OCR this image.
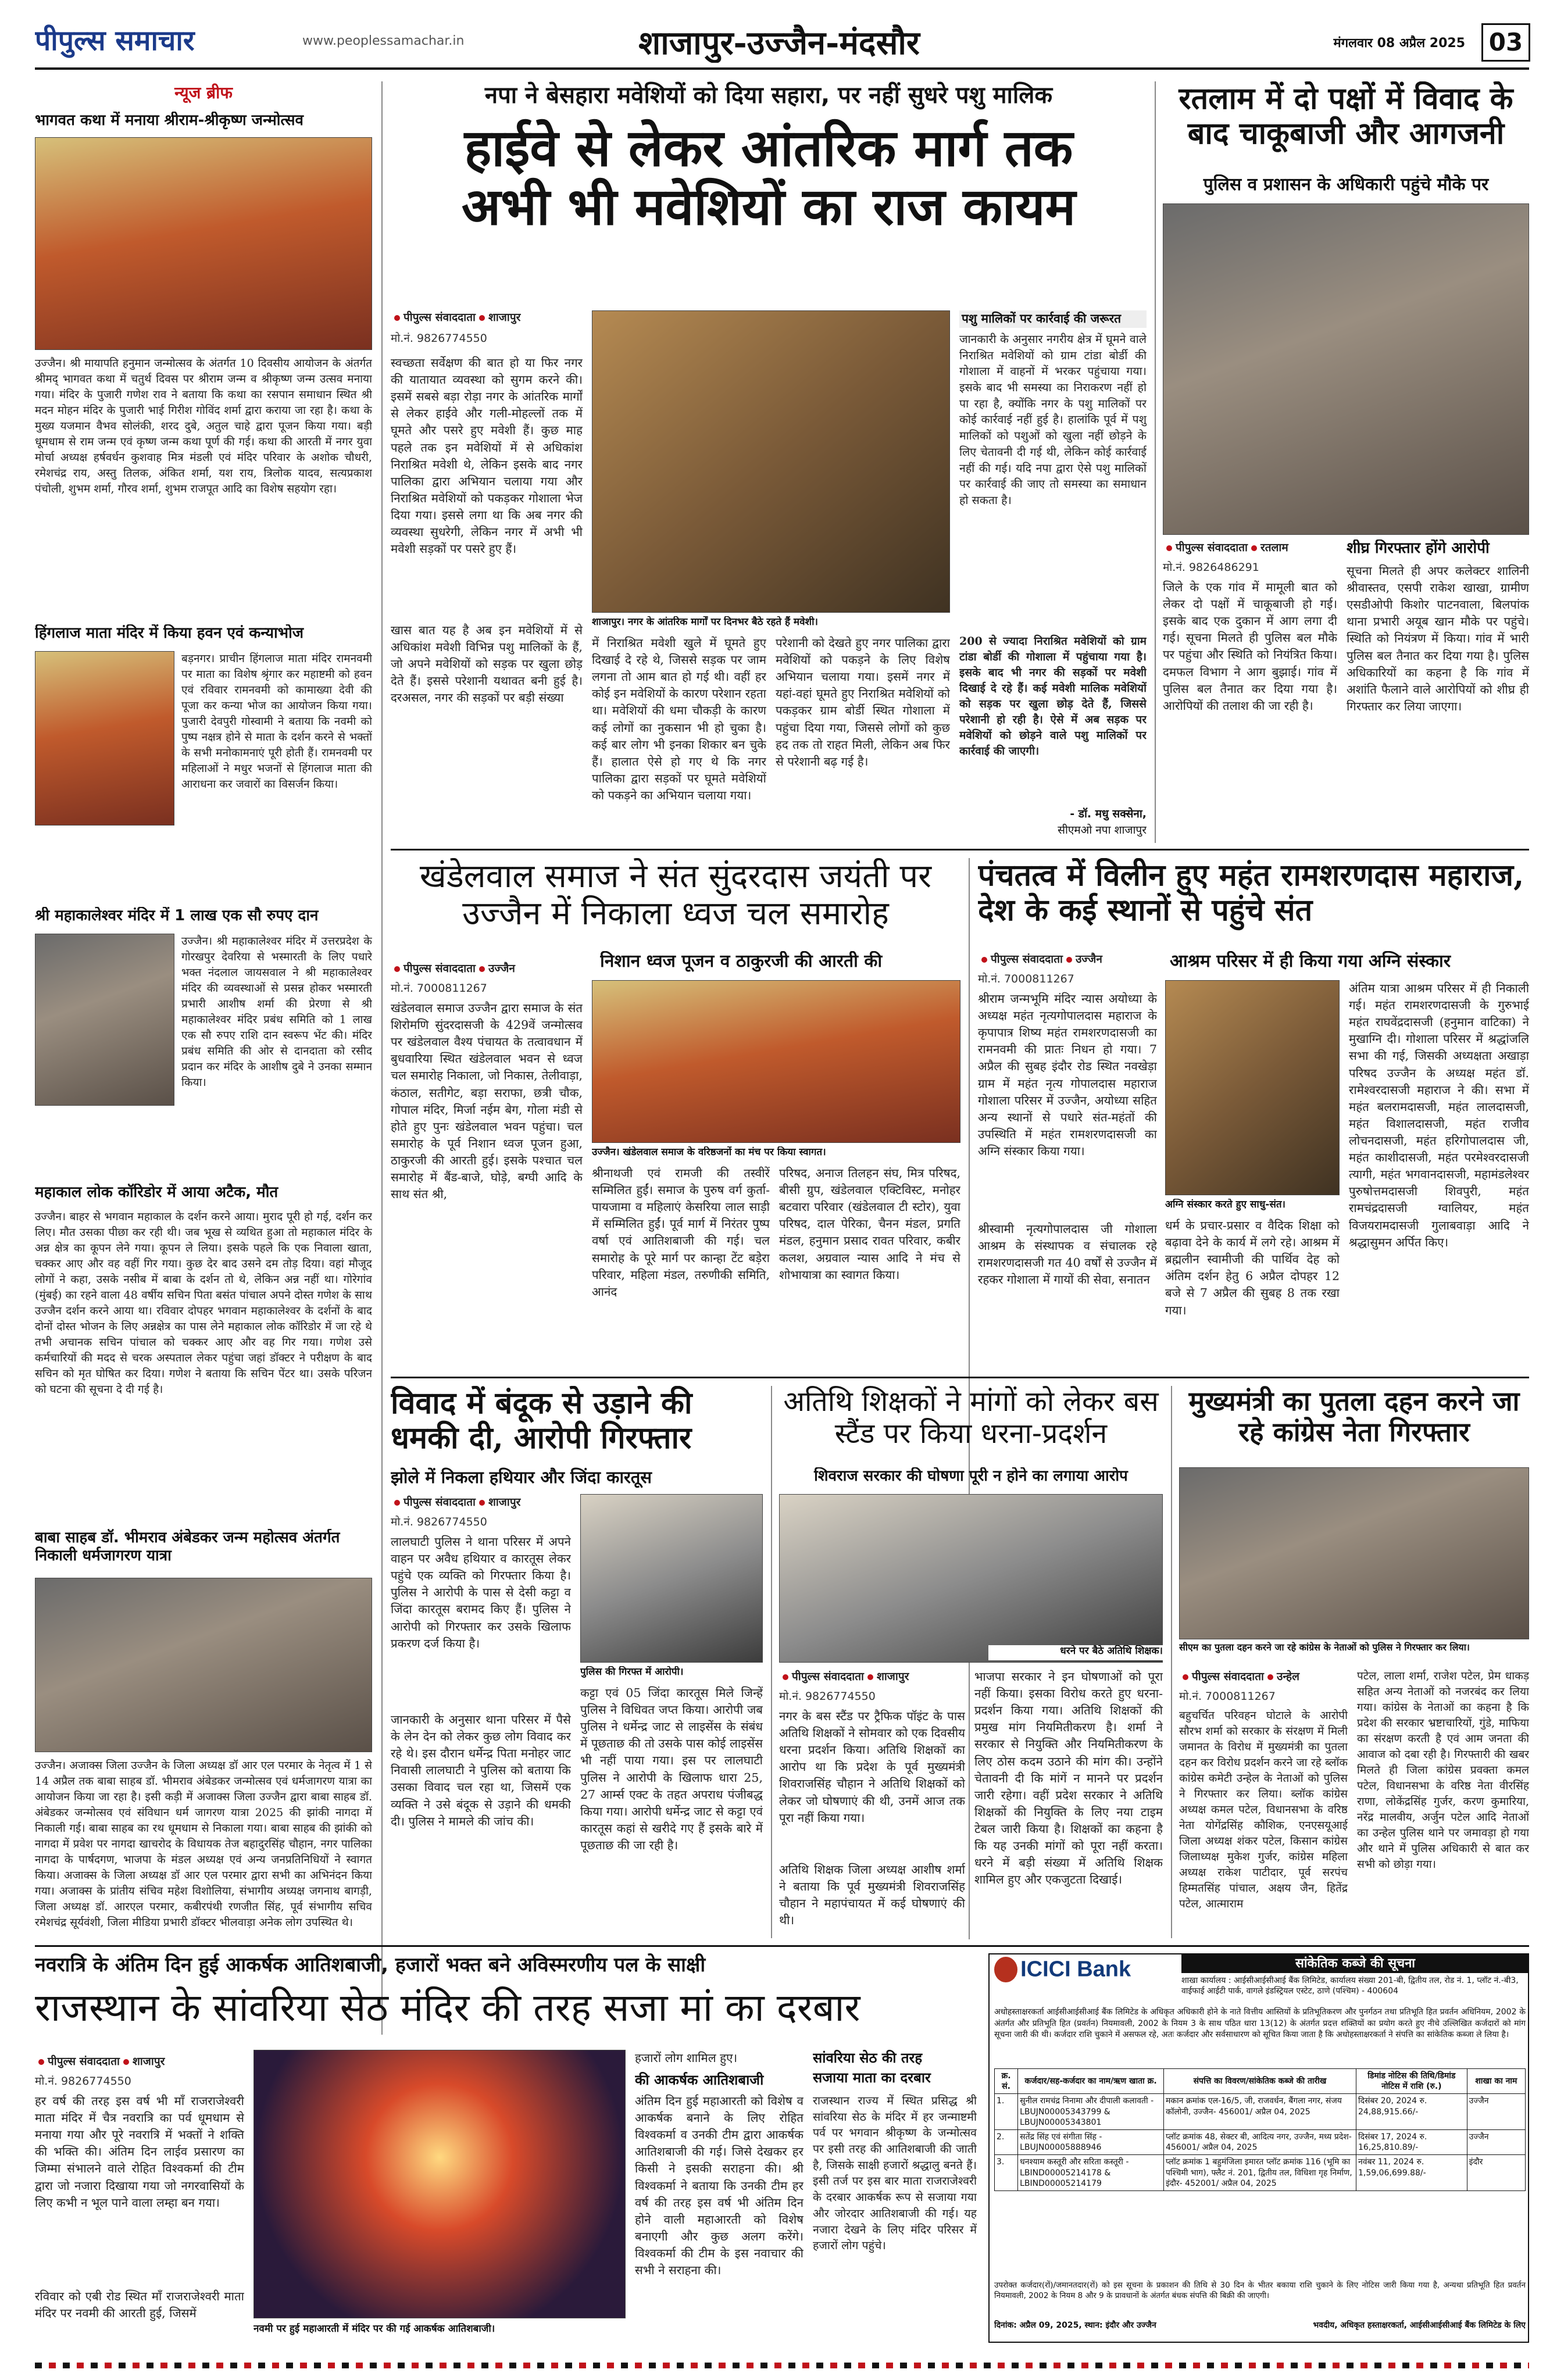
पीपुल्स समाचार	www.peoplessamachar.in	शाजापुर-उज्जैन-मंदसौर	मंगलवार 08 अप्रैल 2025 03
न्यूज ब्रीफ
भागवत कथा में मनाया श्रीराम-श्रीकृष्ण जन्मोत्सव
उज्जैन। श्री मायापति हनुमान जन्मोत्सव के अंतर्गत 10 दिवसीय आयोजन के अंतर्गत श्रीमद् भागवत कथा में चतुर्थ दिवस पर श्रीराम जन्म व श्रीकृष्ण जन्म उत्सव मनाया गया। मंदिर के पुजारी गणेश राव ने बताया कि कथा का रसपान समाधान स्थित श्री मदन मोहन मंदिर के पुजारी भाई गिरीश गोविंद शर्मा द्वारा कराया जा रहा है। कथा के मुख्य यजमान वैभव सोलंकी, शरद दुबे, अतुल चाहे द्वारा पूजन किया गया। बड़ी धूमधाम से राम जन्म एवं कृष्ण जन्म कथा पूर्ण की गई। कथा की आरती में नगर युवा मोर्चा अध्यक्ष हर्षवर्धन कुशवाह मित्र मंडली एवं मंदिर परिवार के अशोक चौधरी, रमेशचंद्र राय, अस्तु तिलक, अंकित शर्मा, यश राय, त्रिलोक यादव, सत्यप्रकाश पंचोली, शुभम शर्मा, गौरव शर्मा, शुभम राजपूत आदि का विशेष सहयोग रहा।
हिंगलाज माता मंदिर में किया हवन एवं कन्याभोज
बड़नगर। प्राचीन हिंगलाज माता मंदिर रामनवमी पर माता का विशेष श्रृंगार कर महाष्टमी को हवन एवं रविवार रामनवमी को कामाख्या देवी की पूजा कर कन्या भोज का आयोजन किया गया। पुजारी देवपुरी गोस्वामी ने बताया कि नवमी को पुष्प नक्षत्र होने से माता के दर्शन करने से भक्तों के सभी मनोकामनाएं पूरी होती हैं। रामनवमी पर महिलाओं ने मधुर भजनों से हिंगलाज माता की आराधना कर जवारों का विसर्जन किया।
श्री महाकालेश्वर मंदिर में 1 लाख एक सौ रुपए दान
उज्जैन। श्री महाकालेश्वर मंदिर में उत्तरप्रदेश के गोरखपुर देवरिया से भस्मारती के लिए पधारे भक्त नंदलाल जायसवाल ने श्री महाकालेश्वर मंदिर की व्यवस्थाओं से प्रसन्न होकर भस्मारती प्रभारी आशीष शर्मा की प्रेरणा से श्री महाकालेश्वर मंदिर प्रबंध समिति को 1 लाख एक सौ रुपए राशि दान स्वरूप भेंट की। मंदिर प्रबंध समिति की ओर से दानदाता को रसीद प्रदान कर मंदिर के आशीष दुबे ने उनका सम्मान किया।
महाकाल लोक कॉरिडोर में आया अटैक, मौत
उज्जैन। बाहर से भगवान महाकाल के दर्शन करने आया। मुराद पूरी हो गई, दर्शन कर लिए। मौत उसका पीछा कर रही थी। जब भूख से व्यथित हुआ तो महाकाल मंदिर के अन्न क्षेत्र का कूपन लेने गया। कूपन ले लिया। इसके पहले कि एक निवाला खाता, चक्कर आए और वह वहीं गिर गया। कुछ देर बाद उसने दम तोड़ दिया। वहां मौजूद लोगों ने कहा, उसके नसीब में बाबा के दर्शन तो थे, लेकिन अन्न नहीं था। गोरेगांव (मुंबई) का रहने वाला 48 वर्षीय सचिन पिता बसंत पांचाल अपने दोस्त गणेश के साथ उज्जैन दर्शन करने आया था। रविवार दोपहर भगवान महाकालेश्वर के दर्शनों के बाद दोनों दोस्त भोजन के लिए अन्नक्षेत्र का पास लेने महाकाल लोक कॉरिडोर में जा रहे थे तभी अचानक सचिन पांचाल को चक्कर आए और वह गिर गया। गणेश उसे कर्मचारियों की मदद से चरक अस्पताल लेकर पहुंचा जहां डॉक्टर ने परीक्षण के बाद सचिन को मृत घोषित कर दिया। गणेश ने बताया कि सचिन पेंटर था। उसके परिजन को घटना की सूचना दे दी गई है।
बाबा साहब डॉ. भीमराव अंबेडकर जन्म महोत्सव अंतर्गत निकाली धर्मजागरण यात्रा
उज्जैन। अजाक्स जिला उज्जैन के जिला अध्यक्ष डॉ आर एल परमार के नेतृत्व में 1 से 14 अप्रैल तक बाबा साहब डॉ. भीमराव अंबेडकर जन्मोत्सव एवं धर्मजागरण यात्रा का आयोजन किया जा रहा है। इसी कड़ी में अजाक्स जिला उज्जैन द्वारा बाबा साहब डॉ. अंबेडकर जन्मोत्सव एवं संविधान धर्म जागरण यात्रा 2025 की झांकी नागदा में निकाली गई। बाबा साहब का रथ धूमधाम से निकाला गया। बाबा साहब की झांकी को नागदा में प्रवेश पर नागदा खाचरोद के विधायक तेज बहादुरसिंह चौहान, नगर पालिका नागदा के पार्षदगण, भाजपा के मंडल अध्यक्ष एवं अन्य जनप्रतिनिधियों ने स्वागत किया। अजाक्स के जिला अध्यक्ष डॉ आर एल परमार द्वारा सभी का अभिनंदन किया गया। अजाक्स के प्रांतीय संचिव महेश विशोलिया, संभागीय अध्यक्ष जगनाथ बागड़ी, जिला अध्यक्ष डॉ. आरएल परमार, कबीरपंथी रणजीत सिंह, पूर्व संभागीय सचिव रमेशचंद्र सूर्यवंशी, जिला मीडिया प्रभारी डॉक्टर भीलवाड़ा अनेक लोग उपस्थित थे।
नपा ने बेसहारा मवेशियों को दिया सहारा, पर नहीं सुधरे पशु मालिक
हाईवे से लेकर आंतरिक मार्ग तक अभी भी मवेशियों का राज कायम
पीपुल्स संवाददाता शाजापुर
मो.नं. 9826774550
स्वच्छता सर्वेक्षण की बात हो या फिर नगर की यातायात व्यवस्था को सुगम करने की। इसमें सबसे बड़ा रोड़ा नगर के आंतरिक मार्गों से लेकर हाईवे और गली-मोहल्लों तक में घूमते और पसरे हुए मवेशी हैं। कुछ माह पहले तक इन मवेशियों में से अधिकांश निराश्रित मवेशी थे, लेकिन इसके बाद नगर पालिका द्वारा अभियान चलाया गया और निराश्रित मवेशियों को पकड़कर गोशाला भेज दिया गया। इससे लगा था कि अब नगर की व्यवस्था सुधरेगी, लेकिन नगर में अभी भी मवेशी सड़कों पर पसरे हुए हैं।
खास बात यह है अब इन मवेशियों में से अधिकांश मवेशी विभिन्न पशु मालिकों के हैं, जो अपने मवेशियों को सड़क पर खुला छोड़ देते हैं। इससे परेशानी यथावत बनी हुई है। दरअसल, नगर की सड़कों पर बड़ी संख्या
शाजापुर। नगर के आंतरिक मार्गों पर दिनभर बैठे रहते हैं मवेशी।
में निराश्रित मवेशी खुले में घूमते हुए दिखाई दे रहे थे, जिससे सड़क पर जाम लगना तो आम बात हो गई थी। वहीं हर कोई इन मवेशियों के कारण परेशान रहता था। मवेशियों की धमा चौकड़ी के कारण कई लोगों का नुकसान भी हो चुका है। कई बार लोग भी इनका शिकार बन चुके हैं। हालात ऐसे हो गए थे कि नगर पालिका द्वारा सड़कों पर घूमते मवेशियों को पकड़ने का अभियान चलाया गया।
परेशानी को देखते हुए नगर पालिका द्वारा मवेशियों को पकड़ने के लिए विशेष अभियान चलाया गया। इसमें नगर में यहां-वहां घूमते हुए निराश्रित मवेशियों को पकड़कर ग्राम बोर्डी स्थित गोशाला में पहुंचा दिया गया, जिससे लोगों को कुछ हद तक तो राहत मिली, लेकिन अब फिर से परेशानी बढ़ गई है।
पशु मालिकों पर कार्रवाई की जरूरत
जानकारी के अनुसार नगरीय क्षेत्र में घूमने वाले निराश्रित मवेशियों को ग्राम टांडा बोर्डी की गोशाला में वाहनों में भरकर पहुंचाया गया। इसके बाद भी समस्या का निराकरण नहीं हो पा रहा है, क्योंकि नगर के पशु मालिकों पर कोई कार्रवाई नहीं हुई है। हालांकि पूर्व में पशु मालिकों को पशुओं को खुला नहीं छोड़ने के लिए चेतावनी दी गई थी, लेकिन कोई कार्रवाई नहीं की गई। यदि नपा द्वारा ऐसे पशु मालिकों पर कार्रवाई की जाए तो समस्या का समाधान हो सकता है।
200 से ज्यादा निराश्रित मवेशियों को ग्राम टांडा बोर्डी की गोशाला में पहुंचाया गया है। इसके बाद भी नगर की सड़कों पर मवेशी दिखाई दे रहे हैं। कई मवेशी मालिक मवेशियों को सड़क पर खुला छोड़ देते हैं, जिससे परेशानी हो रही है। ऐसे में अब सड़क पर मवेशियों को छोड़ने वाले पशु मालिकों पर कार्रवाई की जाएगी।
- डॉ. मधु सक्सेना,
सीएमओ नपा शाजापुर
रतलाम में दो पक्षों में विवाद के बाद चाकूबाजी और आगजनी
पुलिस व प्रशासन के अधिकारी पहुंचे मौके पर
पीपुल्स संवाददाता रतलाम
मो.नं. 9826486291
जिले के एक गांव में मामूली बात को लेकर दो पक्षों में चाकूबाजी हो गई। इसके बाद एक दुकान में आग लगा दी गई। सूचना मिलते ही पुलिस बल मौके पर पहुंचा और स्थिति को नियंत्रित किया। दमफल विभाग ने आग बुझाई। गांव में पुलिस बल तैनात कर दिया गया है। आरोपियों की तलाश की जा रही है।
शीघ्र गिरफ्तार होंगे आरोपी
सूचना मिलते ही अपर कलेक्टर शालिनी श्रीवास्तव, एसपी राकेश खाखा, ग्रामीण एसडीओपी किशोर पाटनवाला, बिलपांक थाना प्रभारी अयूब खान मौके पर पहुंचे। स्थिति को नियंत्रण में किया। गांव में भारी पुलिस बल तैनात कर दिया गया है। पुलिस अधिकारियों का कहना है कि गांव में अशांति फैलाने वाले आरोपियों को शीघ्र ही गिरफ्तार कर लिया जाएगा।
खंडेलवाल समाज ने संत सुंदरदास जयंती पर उज्जैन में निकाला ध्वज चल समारोह
निशान ध्वज पूजन व ठाकुरजी की आरती की
पीपुल्स संवाददाता उज्जैन
मो.नं. 7000811267
खंडेलवाल समाज उज्जैन द्वारा समाज के संत शिरोमणि सुंदरदासजी के 429वें जन्मोत्सव पर खंडेलवाल वैश्य पंचायत के तत्वावधान में बुधवारिया स्थित खंडेलवाल भवन से ध्वज चल समारोह निकाला, जो निकास, तेलीवाड़ा, कंठाल, सतीगेट, बड़ा सराफा, छत्री चौक, गोपाल मंदिर, मिर्जा नईम बेग, गोला मंडी से होते हुए पुनः खंडेलवाल भवन पहुंचा। चल समारोह के पूर्व निशान ध्वज पूजन हुआ, ठाकुरजी की आरती हुई। इसके पश्चात चल समारोह में बैंड-बाजे, घोड़े, बग्घी आदि के साथ संत श्री,
उज्जैन। खंडेलवाल समाज के वरिष्ठजनों का मंच पर किया स्वागत।
श्रीनाथजी एवं रामजी की तस्वीरें सम्मिलित हुईं। समाज के पुरुष वर्ग कुर्ता-पायजामा व महिलाएं केसरिया लाल साड़ी में सम्मिलित हुईं। पूर्व मार्ग में निरंतर पुष्प वर्षा एवं आतिशबाजी की गई। चल समारोह के पूरे मार्ग पर कान्हा टेंट बड़ेरा परिवार, महिला मंडल, तरुणीकी समिति, आनंद
परिषद, अनाज तिलहन संघ, मित्र परिषद, बीसी ग्रुप, खंडेलवाल एक्टिविस्ट, मनोहर बटवारा परिवार (खंडेलवाल टी स्टोर), युवा परिषद, दाल पेरिका, चैनन मंडल, प्रगति मंडल, हनुमान प्रसाद रावत परिवार, कबीर कलश, अग्रवाल न्यास आदि ने मंच से शोभायात्रा का स्वागत किया।
पंचतत्व में विलीन हुए महंत रामशरणदास महाराज, देश के कई स्थानों से पहुंचे संत
आश्रम परिसर में ही किया गया अग्नि संस्कार
पीपुल्स संवाददाता उज्जैन
मो.नं. 7000811267
श्रीराम जन्मभूमि मंदिर न्यास अयोध्या के अध्यक्ष महंत नृत्यगोपालदास महाराज के कृपापात्र शिष्य महंत रामशरणदासजी का रामनवमी की प्रातः निधन हो गया। 7 अप्रैल की सुबह इंदौर रोड स्थित नवखेड़ा ग्राम में महंत नृत्य गोपालदास महाराज गोशाला परिसर में उज्जैन, अयोध्या सहित अन्य स्थानों से पधारे संत-महंतों की उपस्थिति में महंत रामशरणदासजी का अग्नि संस्कार किया गया।
श्रीस्वामी नृत्यगोपालदास जी गोशाला आश्रम के संस्थापक व संचालक रहे रामशरणदासजी गत 40 वर्षों से उज्जैन में रहकर गोशाला में गायों की सेवा, सनातन
अग्नि संस्कार करते हुए साधु-संत।
धर्म के प्रचार-प्रसार व वैदिक शिक्षा को बढ़ावा देने के कार्य में लगे रहे। आश्रम में ब्रह्मलीन स्वामीजी की पार्थिव देह को अंतिम दर्शन हेतु 6 अप्रैल दोपहर 12 बजे से 7 अप्रैल की सुबह 8 तक रखा गया।
अंतिम यात्रा आश्रम परिसर में ही निकाली गई। महंत रामशरणदासजी के गुरुभाई महंत राघवेंद्रदासजी (हनुमान वाटिका) ने मुखाग्नि दी। गोशाला परिसर में श्रद्धांजलि सभा की गई, जिसकी अध्यक्षता अखाड़ा परिषद उज्जैन के अध्यक्ष महंत डॉ. रामेश्वरदासजी महाराज ने की। सभा में महंत बलरामदासजी, महंत लालदासजी, महंत विशालदासजी, महंत राजीव लोचनदासजी, महंत हरिगोपालदास जी, महंत काशीदासजी, महंत परमेश्वरदासजी त्यागी, महंत भगवानदासजी, महामंडलेश्वर पुरुषोत्तमदासजी शिवपुरी, महंत रामचंद्रदासजी ग्वालियर, महंत विजयरामदासजी गुलाबवाड़ा आदि ने श्रद्धासुमन अर्पित किए।
विवाद में बंदूक से उड़ाने की धमकी दी, आरोपी गिरफ्तार
झोले में निकला हथियार और जिंदा कारतूस
पीपुल्स संवाददाता शाजापुर
मो.नं. 9826774550
लालघाटी पुलिस ने थाना परिसर में अपने वाहन पर अवैध हथियार व कारतूस लेकर पहुंचे एक व्यक्ति को गिरफ्तार किया है। पुलिस ने आरोपी के पास से देसी कट्टा व जिंदा कारतूस बरामद किए हैं। पुलिस ने आरोपी को गिरफ्तार कर उसके खिलाफ प्रकरण दर्ज किया है।
जानकारी के अनुसार थाना परिसर में पैसे के लेन देन को लेकर कुछ लोग विवाद कर रहे थे। इस दौरान धर्मेन्द्र पिता मनोहर जाट निवासी लालघाटी ने पुलिस को बताया कि उसका विवाद चल रहा था, जिसमें एक व्यक्ति ने उसे बंदूक से उड़ाने की धमकी दी। पुलिस ने मामले की जांच की।
पुलिस की गिरफ्त में आरोपी।
कट्टा एवं 05 जिंदा कारतूस मिले जिन्हें पुलिस ने विधिवत जप्त किया। आरोपी जब पुलिस ने धर्मेन्द्र जाट से लाइसेंस के संबंध में पूछताछ की तो उसके पास कोई लाइसेंस भी नहीं पाया गया। इस पर लालघाटी पुलिस ने आरोपी के खिलाफ धारा 25, 27 आर्म्स एक्ट के तहत अपराध पंजीबद्ध किया गया। आरोपी धर्मेन्द्र जाट से कट्टा एवं कारतूस कहां से खरीदे गए हैं इसके बारे में पूछताछ की जा रही है।
अतिथि शिक्षकों ने मांगों को लेकर बस स्टैंड पर किया धरना-प्रदर्शन
शिवराज सरकार की घोषणा पूरी न होने का लगाया आरोप
धरने पर बैठे अतिथि शिक्षक।
पीपुल्स संवाददाता शाजापुर
मो.नं. 9826774550
नगर के बस स्टैंड पर ट्रैफिक पॉइंट के पास अतिथि शिक्षकों ने सोमवार को एक दिवसीय धरना प्रदर्शन किया। अतिथि शिक्षकों का आरोप था कि प्रदेश के पूर्व मुख्यमंत्री शिवराजसिंह चौहान ने अतिथि शिक्षकों को लेकर जो घोषणाएं की थी, उनमें आज तक पूरा नहीं किया गया।
अतिथि शिक्षक जिला अध्यक्ष आशीष शर्मा ने बताया कि पूर्व मुख्यमंत्री शिवराजसिंह चौहान ने महापंचायत में कई घोषणाएं की थी।
भाजपा सरकार ने इन घोषणाओं को पूरा नहीं किया। इसका विरोध करते हुए धरना-प्रदर्शन किया गया। अतिथि शिक्षकों की प्रमुख मांग नियमितीकरण है। शर्मा ने सरकार से नियुक्ति और नियमितीकरण के लिए ठोस कदम उठाने की मांग की। उन्होंने चेतावनी दी कि मांगें न मानने पर प्रदर्शन जारी रहेगा। वहीं प्रदेश सरकार ने अतिथि शिक्षकों की नियुक्ति के लिए नया टाइम टेबल जारी किया है। शिक्षकों का कहना है कि यह उनकी मांगों को पूरा नहीं करता। धरने में बड़ी संख्या में अतिथि शिक्षक शामिल हुए और एकजुटता दिखाई।
मुख्यमंत्री का पुतला दहन करने जा रहे कांग्रेस नेता गिरफ्तार
सीएम का पुतला दहन करने जा रहे कांग्रेस के नेताओं को पुलिस ने गिरफ्तार कर लिया।
पीपुल्स संवाददाता उन्हेल
मो.नं. 7000811267
बहुचर्चित परिवहन घोटाले के आरोपी सौरभ शर्मा को सरकार के संरक्षण में मिली जमानत के विरोध में मुख्यमंत्री का पुतला दहन कर विरोध प्रदर्शन करने जा रहे ब्लॉक कांग्रेस कमेटी उन्हेल के नेताओं को पुलिस ने गिरफ्तार कर लिया। ब्लॉक कांग्रेस अध्यक्ष कमल पटेल, विधानसभा के वरिष्ठ नेता योगेंद्रसिंह कौशिक, एनएसयूआई जिला अध्यक्ष शंकर पटेल, किसान कांग्रेस जिलाध्यक्ष मुकेश गुर्जर, कांग्रेस महिला अध्यक्ष राकेश पाटीदार, पूर्व सरपंच हिम्मतसिंह पांचाल, अक्षय जैन, हितेंद्र पटेल, आत्माराम
पटेल, लाला शर्मा, राजेश पटेल, प्रेम धाकड़ सहित अन्य नेताओं को नजरबंद कर लिया गया। कांग्रेस के नेताओं का कहना है कि प्रदेश की सरकार भ्रष्टाचारियों, गुंडे, माफिया का संरक्षण करती है एवं आम जनता की आवाज को दबा रही है। गिरफ्तारी की खबर मिलते ही जिला कांग्रेस प्रवक्ता कमल पटेल, विधानसभा के वरिष्ठ नेता वीरसिंह राणा, लोकेंद्रसिंह गुर्जर, करण कुमारिया, नरेंद्र मालवीय, अर्जुन पटेल आदि नेताओं का उन्हेल पुलिस थाने पर जमावड़ा हो गया और थाने में पुलिस अधिकारी से बात कर सभी को छोड़ा गया।
नवरात्रि के अंतिम दिन हुई आकर्षक आतिशबाजी, हजारों भक्त बने अविस्मरणीय पल के साक्षी
राजस्थान के सांवरिया सेठ मंदिर की तरह सजा मां का दरबार
पीपुल्स संवाददाता शाजापुर
मो.नं. 9826774550
हर वर्ष की तरह इस वर्ष भी माँ राजराजेश्वरी माता मंदिर में चैत्र नवरात्रि का पर्व धूमधाम से मनाया गया और पूरे नवरात्रि में भक्तों ने शक्ति की भक्ति की। अंतिम दिन लाईव प्रसारण का जिम्मा संभालने वाले रोहित विश्वकर्मा की टीम द्वारा जो नजारा दिखाया गया जो नगरवासियों के लिए कभी न भूल पाने वाला लम्हा बन गया।
रविवार को एबी रोड स्थित माँ राजराजेश्वरी माता मंदिर पर नवमी की आरती हुई, जिसमें
नवमी पर हुई महाआरती में मंदिर पर की गई आकर्षक आतिशबाजी।
हजारों लोग शामिल हुए।
की आकर्षक आतिशबाजी
अंतिम दिन हुई महाआरती को विशेष व आकर्षक बनाने के लिए रोहित विश्वकर्मा व उनकी टीम द्वारा आकर्षक आतिशबाजी की गई। जिसे देखकर हर किसी ने इसकी सराहना की। श्री विश्वकर्मा ने बताया कि उनकी टीम हर वर्ष की तरह इस वर्ष भी अंतिम दिन होने वाली महाआरती को विशेष बनाएगी और कुछ अलग करेंगे। विश्वकर्मा की टीम के इस नवाचार की सभी ने सराहना की।
सांवरिया सेठ की तरह
सजाया माता का दरबार
राजस्थान राज्य में स्थित प्रसिद्ध श्री सांवरिया सेठ के मंदिर में हर जन्माष्टमी पर्व पर भगवान श्रीकृष्ण के जन्मोत्सव पर इसी तरह की आतिशबाजी की जाती है, जिसके साक्षी हजारों श्रद्धालु बनते हैं। इसी तर्ज पर इस बार माता राजराजेश्वरी के दरबार आकर्षक रूप से सजाया गया और जोरदार आतिशबाजी की गई। यह नजारा देखने के लिए मंदिर परिसर में हजारों लोग पहुंचे।
सांकेतिक कब्जे की सूचना
ICICI Bank	शाखा कार्यालय : आईसीआईसीआई बैंक लिमिटेड, कार्यालय संख्या 201-बी, द्वितीय तल, रोड नं. 1, प्लॉट नं.-बी3, वाईफाई आईटी पार्क, वागले इंडस्ट्रियल एस्टेट, ठाणे (पश्चिम) - 400604
अधोहस्ताक्षरकर्ता आईसीआईसीआई बैंक लिमिटेड के अधिकृत अधिकारी होने के नाते वित्तीय आस्तियों के प्रतिभूतिकरण और पुनर्गठन तथा प्रतिभूति हित प्रवर्तन अधिनियम, 2002 के अंतर्गत और प्रतिभूति हित (प्रवर्तन) नियमावली, 2002 के नियम 3 के साथ पठित धारा 13(12) के अंतर्गत प्रदत्त शक्तियों का प्रयोग करते हुए नीचे उल्लिखित कर्जदारों को मांग सूचना जारी की थी। कर्जदार राशि चुकाने में असफल रहे, अतः कर्जदार और सर्वसाधारण को सूचित किया जाता है कि अधोहस्ताक्षरकर्ता ने संपत्ति का सांकेतिक कब्जा ले लिया है।
क्र. सं.	कर्जदार/सह-कर्जदार का नाम/ऋण खाता क्र.	संपत्ति का विवरण/सांकेतिक कब्जे की तारीख	डिमांड नोटिस की तिथि/डिमांड नोटिस में राशि (रु.)	शाखा का नाम
1.	सुनील रामचंद्र निनामा और दीपाली कलावती - LBUJN00005343799 & LBUJN00005343801	मकान क्रमांक एल-16/5, जी, राजवर्धन, बैंगला नगर, संजय कॉलोनी, उज्जैन- 456001/ अप्रैल 04, 2025	दिसंबर 20, 2024 रु. 24,88,915.66/-	उज्जैन
2.	सतेंद्र सिंह एवं संगीता सिंह - LBUJN00005888946	प्लॉट क्रमांक 48, सेक्टर बी, आदित्य नगर, उज्जैन, मध्य प्रदेश- 456001/ अप्रैल 04, 2025	दिसंबर 17, 2024 रु. 16,25,810.89/-	उज्जैन
3.	धनश्याम कस्तूरी और सरिता कस्तूरी - LBIND00005214178 & LBIND00005214179	प्लॉट क्रमांक 1 बहुमंजिला इमारत प्लॉट क्रमांक 116 (भूमि का पश्चिमी भाग), फ्लैट नं. 201, द्वितीय तल, विधिशा गृह निर्माण, इंदौर- 452001/ अप्रैल 04, 2025	नवंबर 11, 2024 रु. 1,59,06,699.88/-	इंदौर
उपरोक्त कर्जदार(रों)/जमानतदार(रों) को इस सूचना के प्रकाशन की तिथि से 30 दिन के भीतर बकाया राशि चुकाने के लिए नोटिस जारी किया गया है, अन्यथा प्रतिभूति हित प्रवर्तन नियमावली, 2002 के नियम 8 और 9 के प्रावधानों के अंतर्गत बंधक संपत्ति की बिक्री की जाएगी।
दिनांक: अप्रैल 09, 2025, स्थान: इंदौर और उज्जैन	भवदीय, अधिकृत हस्ताक्षरकर्ता, आईसीआईसीआई बैंक लिमिटेड के लिए
